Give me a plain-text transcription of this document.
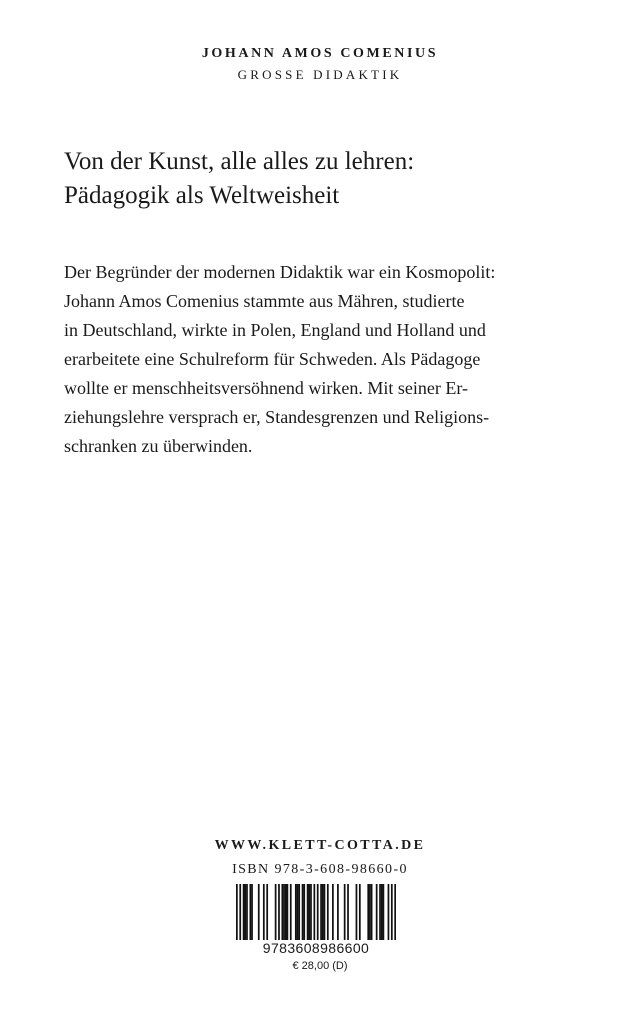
JOHANN AMOS COMENIUS
GROSSE DIDAKTIK
Von der Kunst, alle alles zu lehren:
Pädagogik als Weltweisheit
Der Begründer der modernen Didaktik war ein Kosmopolit:
Johann Amos Comenius stammte aus Mähren, studierte
in Deutschland, wirkte in Polen, England und Holland und
erarbeitete eine Schulreform für Schweden. Als Pädagoge
wollte er menschheitsversöhnend wirken. Mit seiner Er-
ziehungslehre versprach er, Standesgrenzen und Religions-
schranken zu überwinden.
WWW.KLETT-COTTA.DE
ISBN 978-3-608-98660-0
9783608986600
€ 28,00 (D)
